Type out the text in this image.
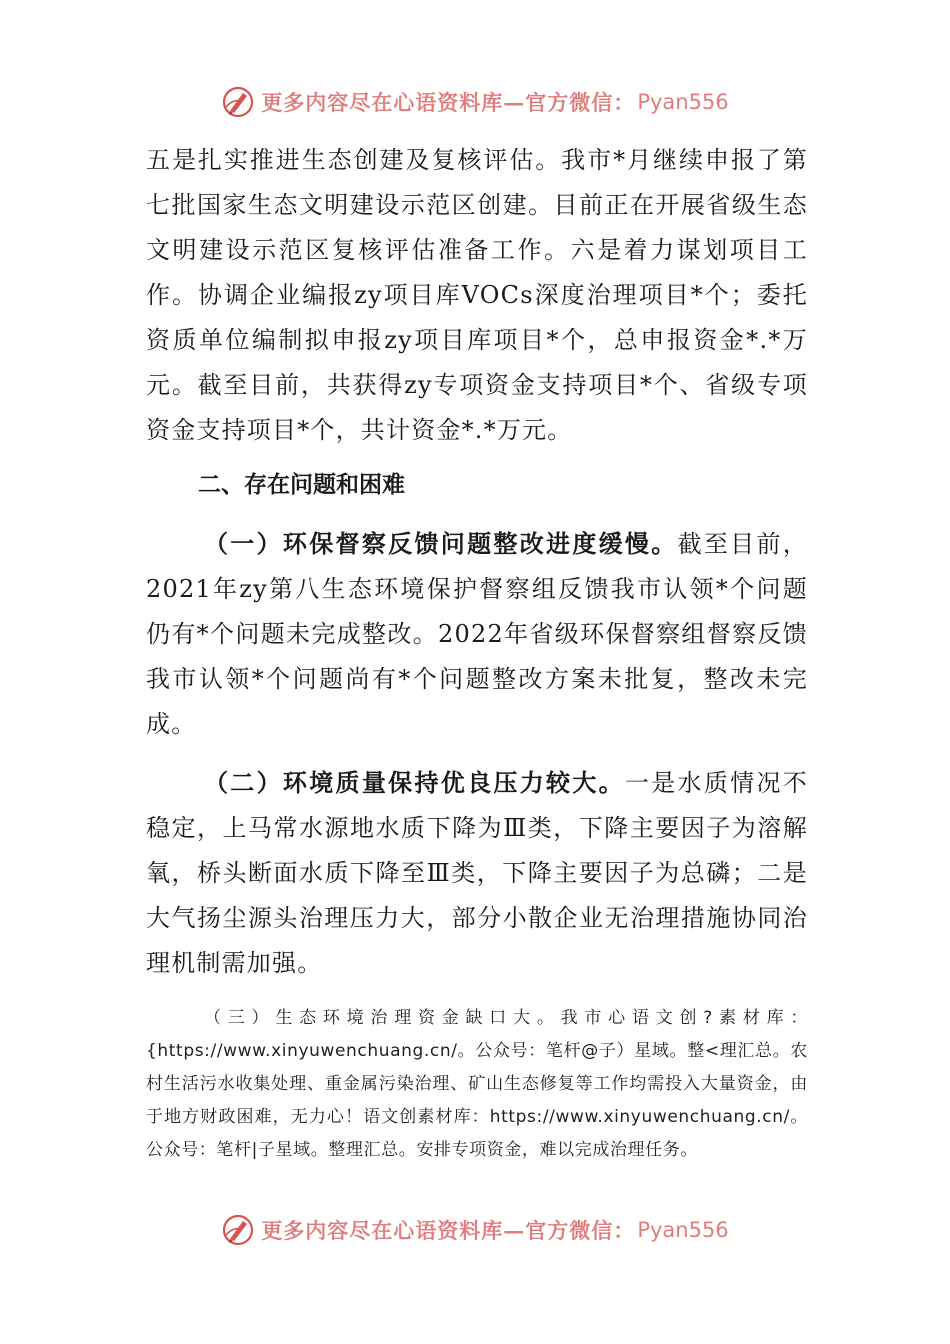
更多内容尽在心语资料库—官方微信： Pyan556

五是扎实推进生态创建及复核评估。我市*月继续申报了第七批国家生态文明建设示范区创建。目前正在开展省级生态文明建设示范区复核评估准备工作。六是着力谋划项目工作。协调企业编报zy项目库VOCs深度治理项目*个；委托资质单位编制拟申报zy项目库项目*个，总申报资金*.*万元。截至目前，共获得zy专项资金支持项目*个、省级专项资金支持项目*个，共计资金*.*万元。

二、存在问题和困难

（一）环保督察反馈问题整改进度缓慢。截至目前，2021年zy第八生态环境保护督察组反馈我市认领*个问题仍有*个问题未完成整改。2022年省级环保督察组督察反馈我市认领*个问题尚有*个问题整改方案未批复，整改未完成。

（二）环境质量保持优良压力较大。一是水质情况不稳定，上马常水源地水质下降为Ⅲ类，下降主要因子为溶解氧，桥头断面水质下降至Ⅲ类，下降主要因子为总磷；二是大气扬尘源头治理压力大，部分小散企业无治理措施协同治理机制需加强。

（三）生态环境治理资金缺口大。我市心语文创?素材库：{https://www.xinyuwenchuang.cn/。公众号：笔杆@子）星域。整<理汇总。农村生活污水收集处理、重金属污染治理、矿山生态修复等工作均需投入大量资金，由于地方财政困难，无力心！语文创素材库：https://www.xinyuwenchuang.cn/。公众号：笔杆|子星域。整理汇总。安排专项资金，难以完成治理任务。

更多内容尽在心语资料库—官方微信： Pyan556
